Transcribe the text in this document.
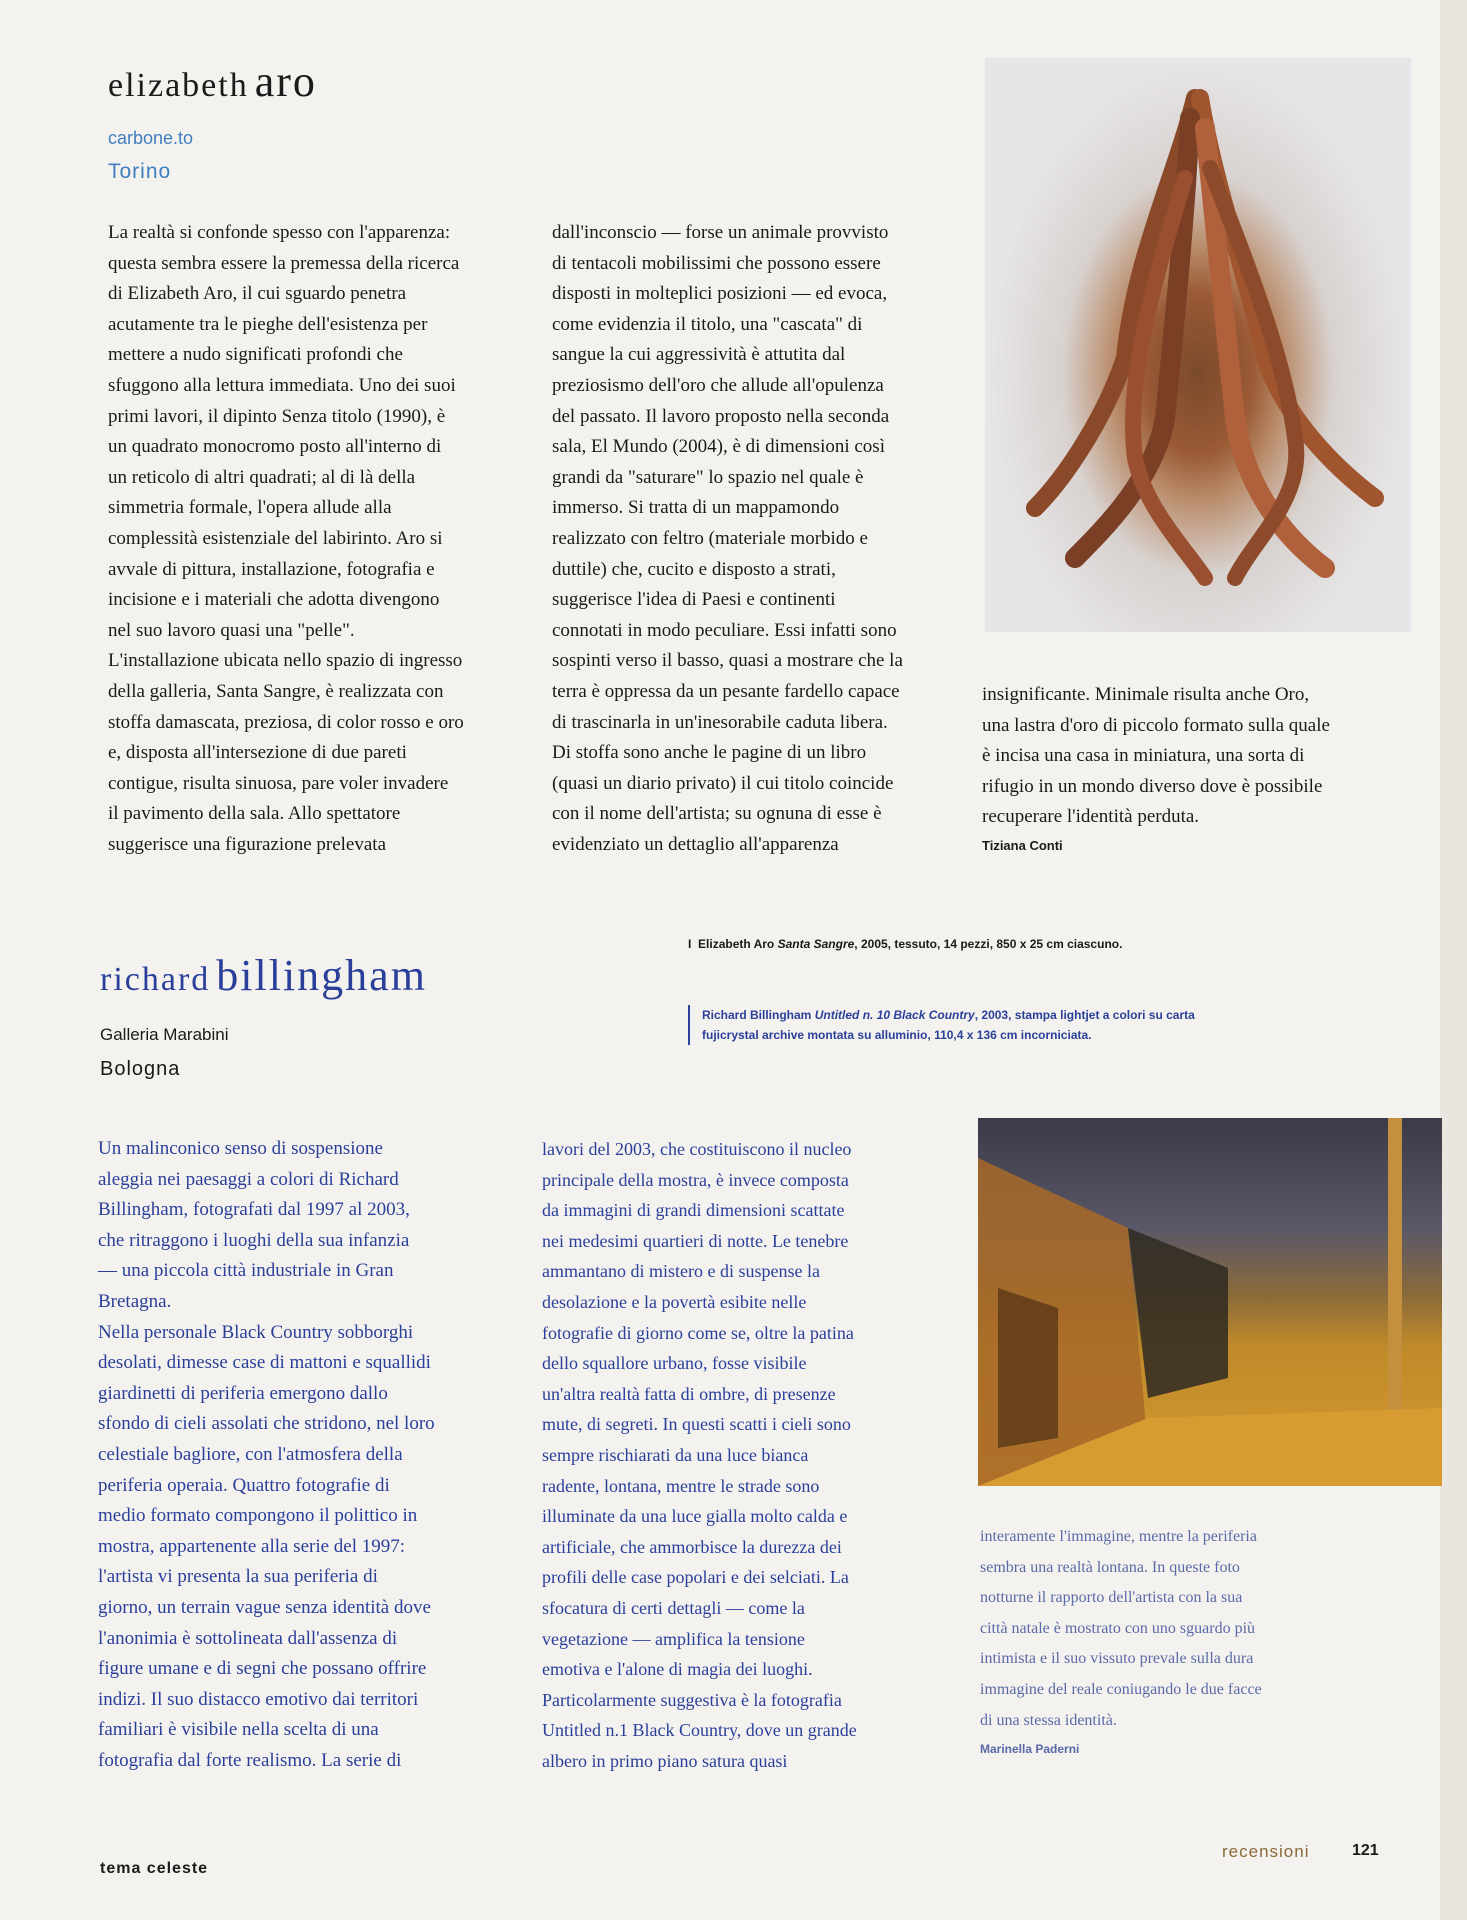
elizabeth aro
carbone.to
Torino

La realtà si confonde spesso con l'apparenza:

questa sembra essere la premessa della ricerca

di Elizabeth Aro, il cui sguardo penetra

acutamente tra le pieghe dell'esistenza per

mettere a nudo significati profondi che

sfuggono alla lettura immediata. Uno dei suoi

primi lavori, il dipinto Senza titolo (1990), è

un quadrato monocromo posto all'interno di

un reticolo di altri quadrati; al di là della

simmetria formale, l'opera allude alla

complessità esistenziale del labirinto. Aro si

avvale di pittura, installazione, fotografia e

incisione e i materiali che adotta divengono

nel suo lavoro quasi una "pelle".

L'installazione ubicata nello spazio di ingresso

della galleria, Santa Sangre, è realizzata con

stoffa damascata, preziosa, di color rosso e oro

e, disposta all'intersezione di due pareti

contigue, risulta sinuosa, pare voler invadere

il pavimento della sala. Allo spettatore

suggerisce una figurazione prelevata

dall'inconscio — forse un animale provvisto

di tentacoli mobilissimi che possono essere

disposti in molteplici posizioni — ed evoca,

come evidenzia il titolo, una "cascata" di

sangue la cui aggressività è attutita dal

preziosismo dell'oro che allude all'opulenza

del passato. Il lavoro proposto nella seconda

sala, El Mundo (2004), è di dimensioni così

grandi da "saturare" lo spazio nel quale è

immerso. Si tratta di un mappamondo

realizzato con feltro (materiale morbido e

duttile) che, cucito e disposto a strati,

suggerisce l'idea di Paesi e continenti

connotati in modo peculiare. Essi infatti sono

sospinti verso il basso, quasi a mostrare che la

terra è oppressa da un pesante fardello capace

di trascinarla in un'inesorabile caduta libera.

Di stoffa sono anche le pagine di un libro

(quasi un diario privato) il cui titolo coincide

con il nome dell'artista; su ognuna di esse è

evidenziato un dettaglio all'apparenza

insignificante. Minimale risulta anche Oro,

una lastra d'oro di piccolo formato sulla quale

è incisa una casa in miniatura, una sorta di

rifugio in un mondo diverso dove è possibile

recuperare l'identità perduta.

Tiziana Conti
I  Elizabeth Aro Santa Sangre, 2005, tessuto, 14 pezzi, 850 x 25 cm ciascuno.
richard billingham
Galleria Marabini
Bologna
Richard Billingham Untitled n. 10 Black Country, 2003, stampa lightjet a colori su carta
fujicrystal archive montata su alluminio, 110,4 x 136 cm incorniciata.

Un malinconico senso di sospensione

aleggia nei paesaggi a colori di Richard

Billingham, fotografati dal 1997 al 2003,

che ritraggono i luoghi della sua infanzia

— una piccola città industriale in Gran

Bretagna.

Nella personale Black Country sobborghi

desolati, dimesse case di mattoni e squallidi

giardinetti di periferia emergono dallo

sfondo di cieli assolati che stridono, nel loro

celestiale bagliore, con l'atmosfera della

periferia operaia. Quattro fotografie di

medio formato compongono il polittico in

mostra, appartenente alla serie del 1997:

l'artista vi presenta la sua periferia di

giorno, un terrain vague senza identità dove

l'anonimia è sottolineata dall'assenza di

figure umane e di segni che possano offrire

indizi. Il suo distacco emotivo dai territori

familiari è visibile nella scelta di una

fotografia dal forte realismo. La serie di

lavori del 2003, che costituiscono il nucleo

principale della mostra, è invece composta

da immagini di grandi dimensioni scattate

nei medesimi quartieri di notte. Le tenebre

ammantano di mistero e di suspense la

desolazione e la povertà esibite nelle

fotografie di giorno come se, oltre la patina

dello squallore urbano, fosse visibile

un'altra realtà fatta di ombre, di presenze

mute, di segreti. In questi scatti i cieli sono

sempre rischiarati da una luce bianca

radente, lontana, mentre le strade sono

illuminate da una luce gialla molto calda e

artificiale, che ammorbisce la durezza dei

profili delle case popolari e dei selciati. La

sfocatura di certi dettagli — come la

vegetazione — amplifica la tensione

emotiva e l'alone di magia dei luoghi.

Particolarmente suggestiva è la fotografia

Untitled n.1 Black Country, dove un grande

albero in primo piano satura quasi

interamente l'immagine, mentre la periferia

sembra una realtà lontana. In queste foto

notturne il rapporto dell'artista con la sua

città natale è mostrato con uno sguardo più

intimista e il suo vissuto prevale sulla dura

immagine del reale coniugando le due facce

di una stessa identità.

Marinella Paderni
tema celeste
recensioni	121
